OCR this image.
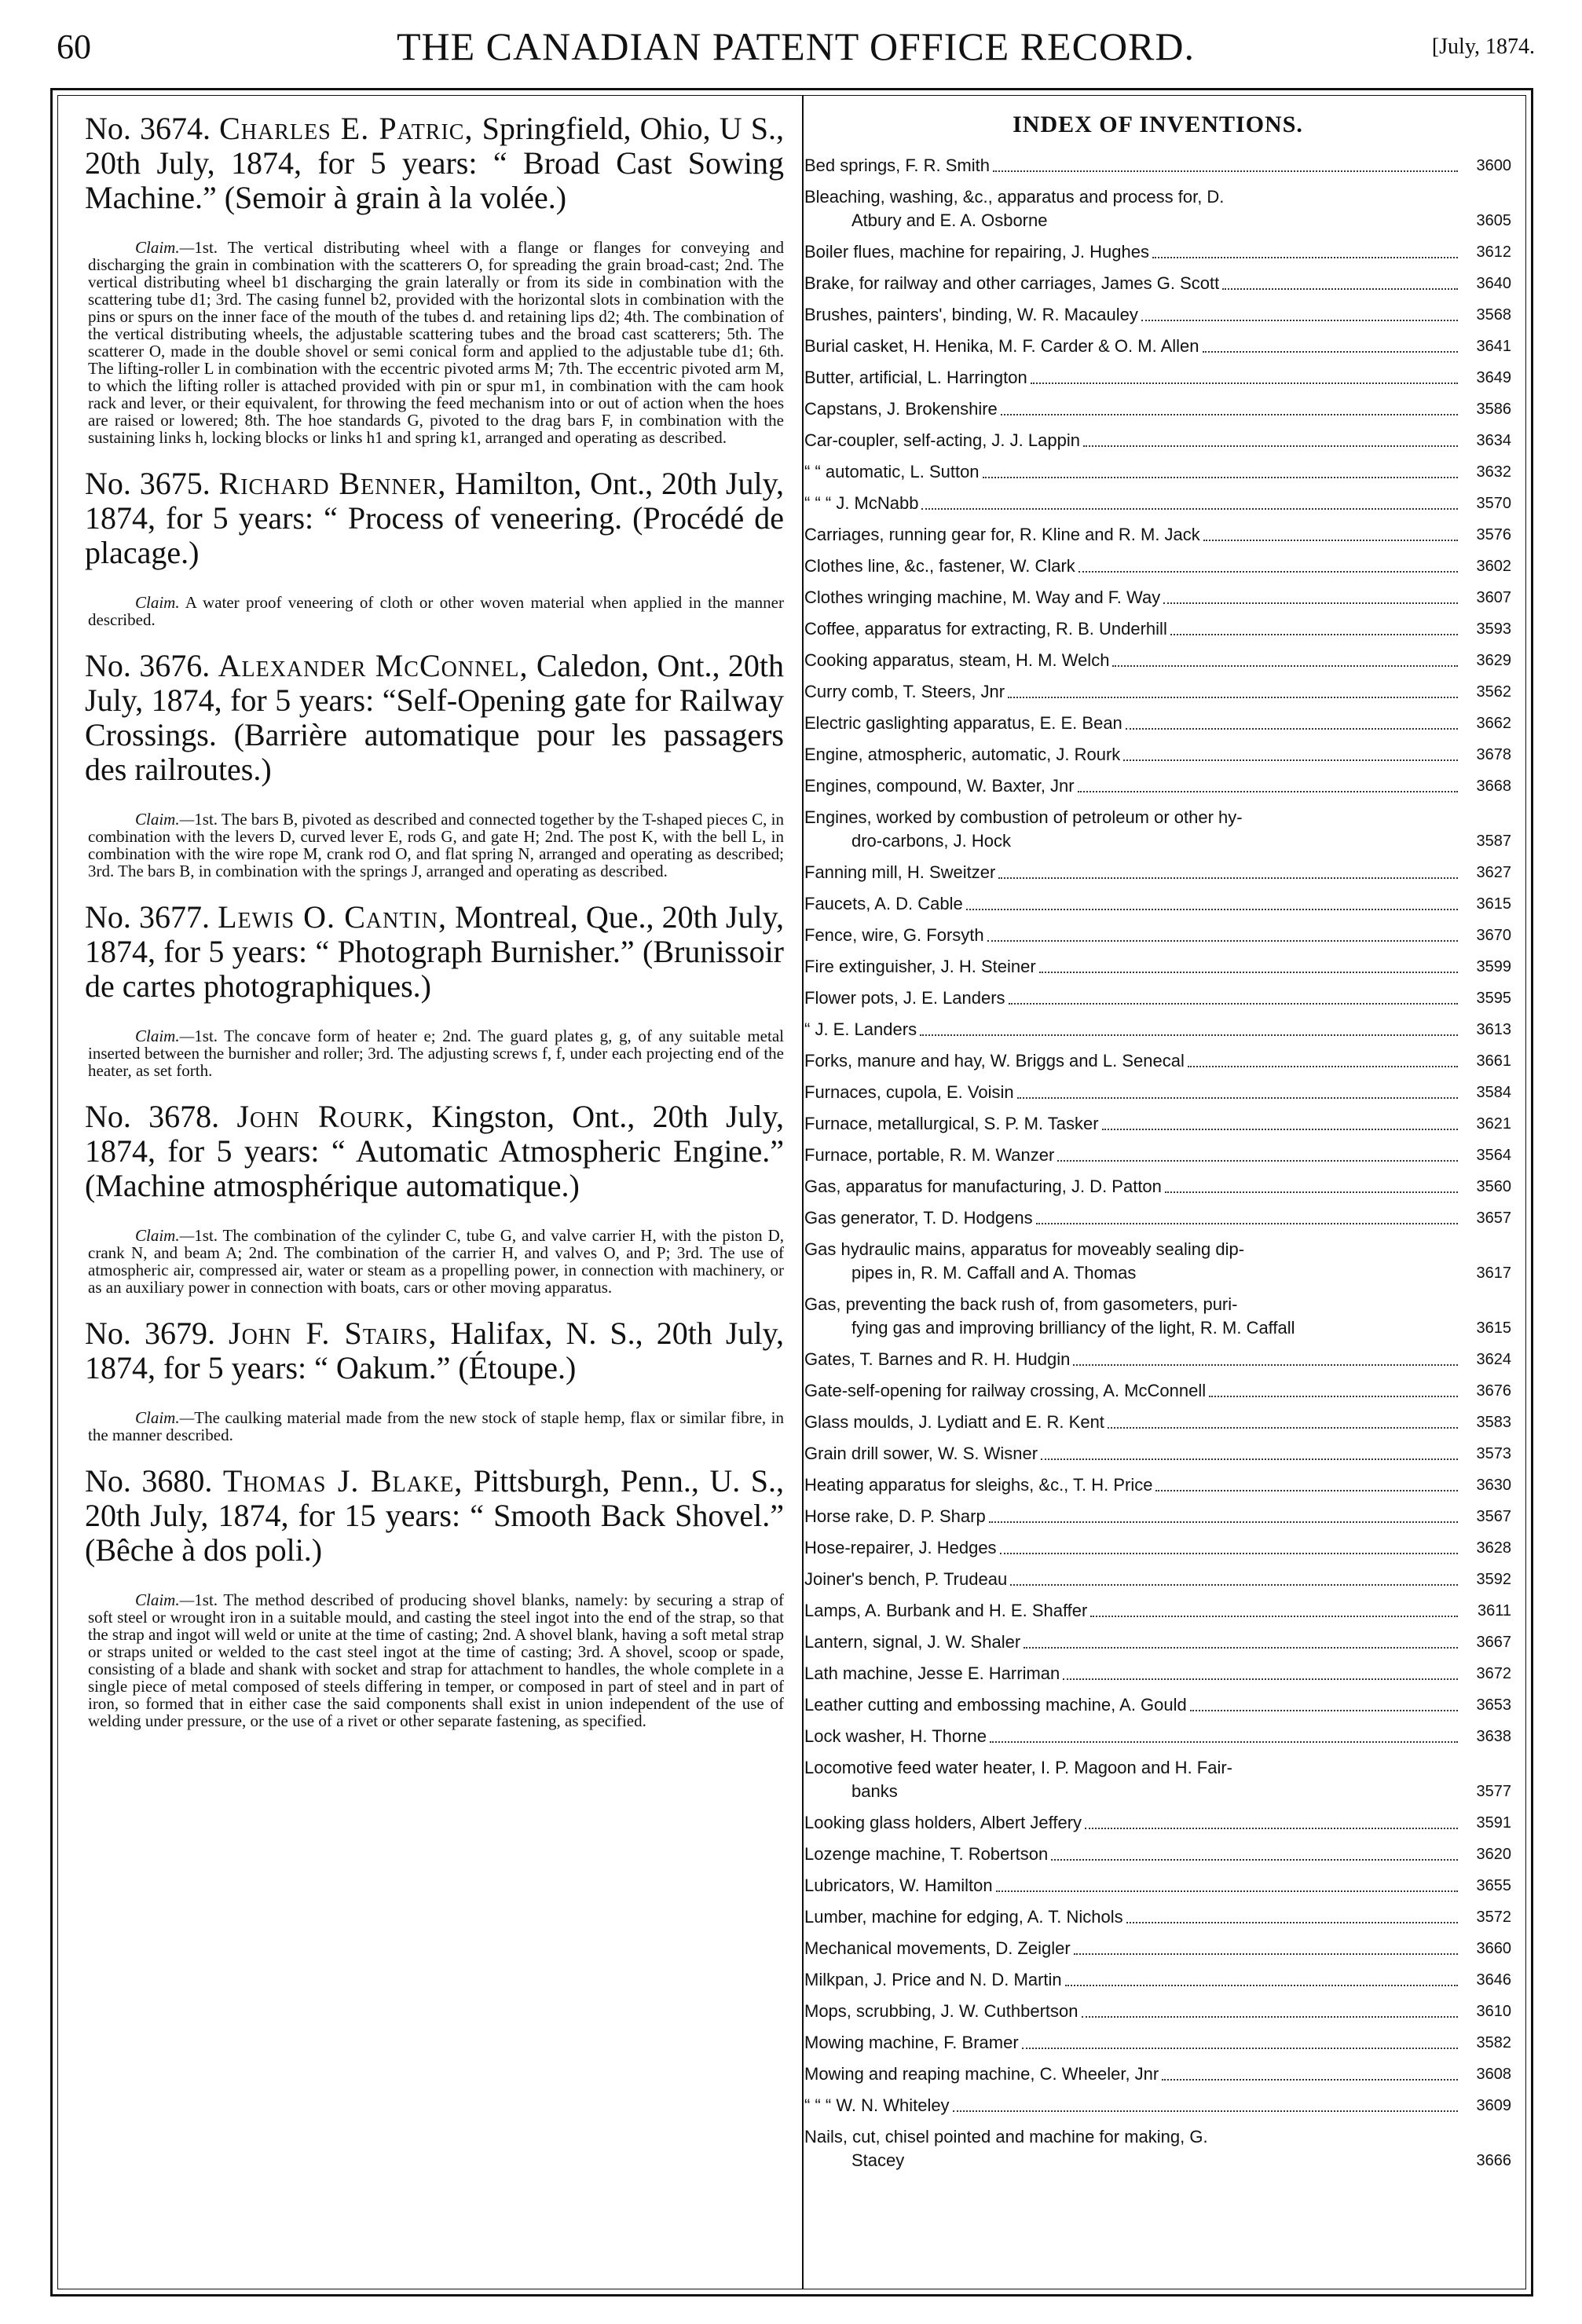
60	THE CANADIAN PATENT OFFICE RECORD.	[July, 1874.
No. 3674. Charles E. Patric, Springfield, Ohio, U S., 20th July, 1874, for 5 years: “ Broad Cast Sowing Machine.” (Semoir à grain à la volée.)
Claim.—1st. The vertical distributing wheel with a flange or flanges for conveying and discharging the grain in combination with the scatterers O, for spreading the grain broad-cast; 2nd. The vertical distributing wheel b1 discharging the grain laterally or from its side in combination with the scattering tube d1; 3rd. The casing funnel b2, provided with the horizontal slots in combination with the pins or spurs on the inner face of the mouth of the tubes d. and retaining lips d2; 4th. The combination of the vertical distributing wheels, the adjustable scattering tubes and the broad cast scatterers; 5th. The scatterer O, made in the double shovel or semi conical form and applied to the adjustable tube d1; 6th. The lifting-roller L in combination with the eccentric pivoted arms M; 7th. The eccentric pivoted arm M, to which the lifting roller is attached provided with pin or spur m1, in combination with the cam hook rack and lever, or their equivalent, for throwing the feed mechanism into or out of action when the hoes are raised or lowered; 8th. The hoe standards G, pivoted to the drag bars F, in combination with the sustaining links h, locking blocks or links h1 and spring k1, arranged and operating as described.
No. 3675. Richard Benner, Hamilton, Ont., 20th July, 1874, for 5 years: “ Process of veneering. (Procédé de placage.)
Claim. A water proof veneering of cloth or other woven material when applied in the manner described.
No. 3676. Alexander McConnel, Caledon, Ont., 20th July, 1874, for 5 years: “Self-Opening gate for Railway Crossings. (Barrière automatique pour les passagers des railroutes.)
Claim.—1st. The bars B, pivoted as described and connected together by the T-shaped pieces C, in combination with the levers D, curved lever E, rods G, and gate H; 2nd. The post K, with the bell L, in combination with the wire rope M, crank rod O, and flat spring N, arranged and operating as described; 3rd. The bars B, in combination with the springs J, arranged and operating as described.
No. 3677. Lewis O. Cantin, Montreal, Que., 20th July, 1874, for 5 years: “ Photograph Burnisher.” (Brunissoir de cartes photographiques.)
Claim.—1st. The concave form of heater e; 2nd. The guard plates g, g, of any suitable metal inserted between the burnisher and roller; 3rd. The adjusting screws f, f, under each projecting end of the heater, as set forth.
No. 3678. John Rourk, Kingston, Ont., 20th July, 1874, for 5 years: “ Automatic Atmospheric Engine.” (Machine atmosphérique automatique.)
Claim.—1st. The combination of the cylinder C, tube G, and valve carrier H, with the piston D, crank N, and beam A; 2nd. The combination of the carrier H, and valves O, and P; 3rd. The use of atmospheric air, compressed air, water or steam as a propelling power, in connection with machinery, or as an auxiliary power in connection with boats, cars or other moving apparatus.
No. 3679. John F. Stairs, Halifax, N. S., 20th July, 1874, for 5 years: “ Oakum.” (Étoupe.)
Claim.—The caulking material made from the new stock of staple hemp, flax or similar fibre, in the manner described.
No. 3680. Thomas J. Blake, Pittsburgh, Penn., U. S., 20th July, 1874, for 15 years: “ Smooth Back Shovel.” (Bêche à dos poli.)
Claim.—1st. The method described of producing shovel blanks, namely: by securing a strap of soft steel or wrought iron in a suitable mould, and casting the steel ingot into the end of the strap, so that the strap and ingot will weld or unite at the time of casting; 2nd. A shovel blank, having a soft metal strap or straps united or welded to the cast steel ingot at the time of casting; 3rd. A shovel, scoop or spade, consisting of a blade and shank with socket and strap for attachment to handles, the whole complete in a single piece of metal composed of steels differing in temper, or composed in part of steel and in part of iron, so formed that in either case the said components shall exist in union independent of the use of welding under pressure, or the use of a rivet or other separate fastening, as specified.
INDEX OF INVENTIONS.
Bed springs, F. R. Smith	3600
Bleaching, washing, &c., apparatus and process for, D.
Atbury and E. A. Osborne	3605
Boiler flues, machine for repairing, J. Hughes	3612
Brake, for railway and other carriages, James G. Scott	3640
Brushes, painters', binding, W. R. Macauley	3568
Burial casket, H. Henika, M. F. Carder & O. M. Allen	3641
Butter, artificial, L. Harrington	3649
Capstans, J. Brokenshire	3586
Car-coupler, self-acting, J. J. Lappin	3634
“ “ automatic, L. Sutton	3632
“ “ “ J. McNabb	3570
Carriages, running gear for, R. Kline and R. M. Jack	3576
Clothes line, &c., fastener, W. Clark	3602
Clothes wringing machine, M. Way and F. Way	3607
Coffee, apparatus for extracting, R. B. Underhill	3593
Cooking apparatus, steam, H. M. Welch	3629
Curry comb, T. Steers, Jnr	3562
Electric gaslighting apparatus, E. E. Bean	3662
Engine, atmospheric, automatic, J. Rourk	3678
Engines, compound, W. Baxter, Jnr	3668
Engines, worked by combustion of petroleum or other hy-
dro-carbons, J. Hock	3587
Fanning mill, H. Sweitzer	3627
Faucets, A. D. Cable	3615
Fence, wire, G. Forsyth	3670
Fire extinguisher, J. H. Steiner	3599
Flower pots, J. E. Landers	3595
“ J. E. Landers	3613
Forks, manure and hay, W. Briggs and L. Senecal	3661
Furnaces, cupola, E. Voisin	3584
Furnace, metallurgical, S. P. M. Tasker	3621
Furnace, portable, R. M. Wanzer	3564
Gas, apparatus for manufacturing, J. D. Patton	3560
Gas generator, T. D. Hodgens	3657
Gas hydraulic mains, apparatus for moveably sealing dip-
pipes in, R. M. Caffall and A. Thomas	3617
Gas, preventing the back rush of, from gasometers, puri-
fying gas and improving brilliancy of the light, R. M. Caffall	3615
Gates, T. Barnes and R. H. Hudgin	3624
Gate-self-opening for railway crossing, A. McConnell	3676
Glass moulds, J. Lydiatt and E. R. Kent	3583
Grain drill sower, W. S. Wisner	3573
Heating apparatus for sleighs, &c., T. H. Price	3630
Horse rake, D. P. Sharp	3567
Hose-repairer, J. Hedges	3628
Joiner's bench, P. Trudeau	3592
Lamps, A. Burbank and H. E. Shaffer	3611
Lantern, signal, J. W. Shaler	3667
Lath machine, Jesse E. Harriman	3672
Leather cutting and embossing machine, A. Gould	3653
Lock washer, H. Thorne	3638
Locomotive feed water heater, I. P. Magoon and H. Fair-
banks	3577
Looking glass holders, Albert Jeffery	3591
Lozenge machine, T. Robertson	3620
Lubricators, W. Hamilton	3655
Lumber, machine for edging, A. T. Nichols	3572
Mechanical movements, D. Zeigler	3660
Milkpan, J. Price and N. D. Martin	3646
Mops, scrubbing, J. W. Cuthbertson	3610
Mowing machine, F. Bramer	3582
Mowing and reaping machine, C. Wheeler, Jnr	3608
“ “ “ W. N. Whiteley	3609
Nails, cut, chisel pointed and machine for making, G.
Stacey	3666
